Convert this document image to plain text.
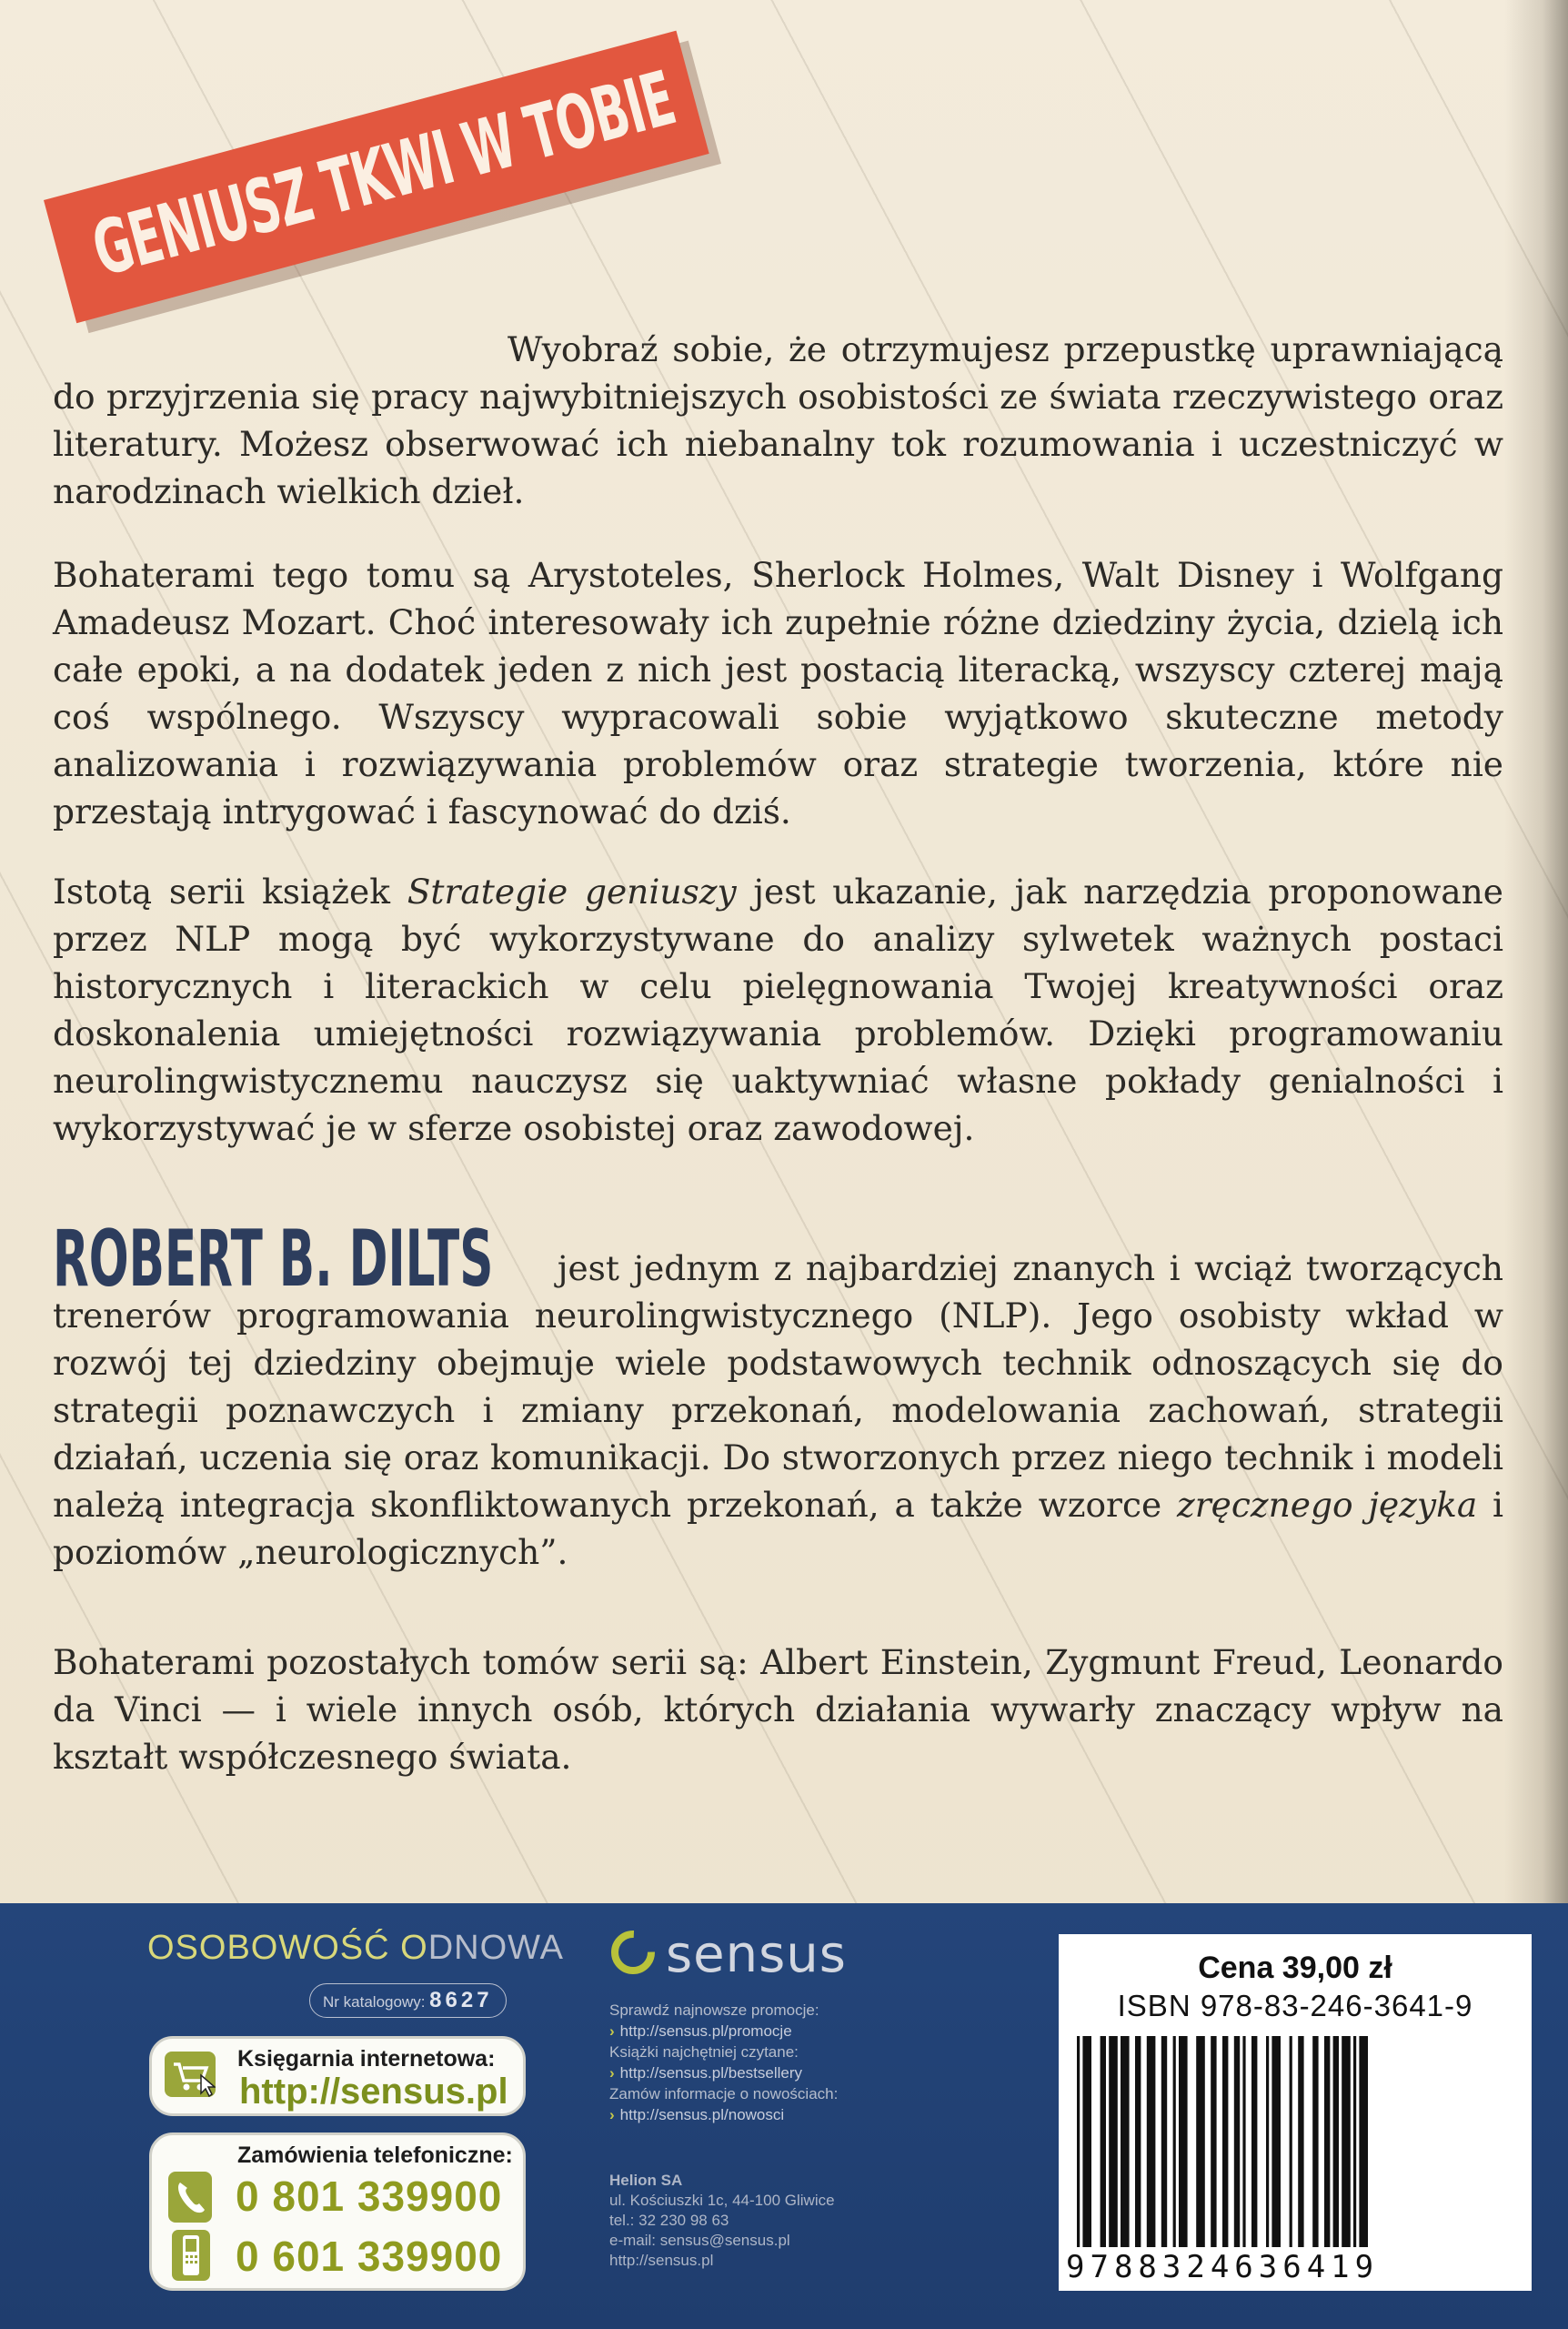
GENIUSZ TKWI W TOBIE
Wyobraź sobie, że otrzymujesz przepustkę uprawniającą do przyjrzenia się pracy najwybitniejszych osobistości ze świata rzeczywistego oraz literatury. Możesz obserwować ich niebanalny tok rozumowania i uczestniczyć w narodzinach wielkich dzieł.
Bohaterami tego tomu są Arystoteles, Sherlock Holmes, Walt Disney i Wolfgang Amadeusz Mozart. Choć interesowały ich zupełnie różne dziedziny życia, dzielą ich całe epoki, a na dodatek jeden z nich jest postacią literacką, wszyscy czterej mają coś wspólnego. Wszyscy wypracowali sobie wyjątkowo skuteczne metody analizowania i rozwiązywania problemów oraz strategie tworzenia, które nie przestają intrygować i fascynować do dziś.
Istotą serii książek Strategie geniuszy jest ukazanie, jak narzędzia proponowane przez NLP mogą być wykorzystywane do analizy sylwetek ważnych postaci historycznych i literackich w celu pielęgnowania Twojej kreatywności oraz doskonalenia umiejętności rozwiązywania problemów. Dzięki programowaniu neurolingwistycznemu nauczysz się uaktywniać własne pokłady genialności i wykorzystywać je w sferze osobistej oraz zawodowej.
ROBERT B. DILTS jest jednym z najbardziej znanych i wciąż tworzących trenerów programowania neurolingwistycznego (NLP). Jego osobisty wkład w rozwój tej dziedziny obejmuje wiele podstawowych technik odnoszących się do strategii poznawczych i zmiany przekonań, modelowania zachowań, strategii działań, uczenia się oraz komunikacji. Do stworzonych przez niego technik i modeli należą integracja skonfliktowanych przekonań, a także wzorce zręcznego języka i poziomów „neurologicznych”.
Bohaterami pozostałych tomów serii są: Albert Einstein, Zygmunt Freud, Leonardo da Vinci — i wiele innych osób, których działania wywarły znaczący wpływ na kształt współczesnego świata.
OSOBOWOŚĆ ODNOWA
Nr katalogowy: 8627
Księgarnia internetowa:
http://sensus.pl
Zamówienia telefoniczne:
0 801 339900
0 601 339900
sensus
Sprawdź najnowsze promocje:
› http://sensus.pl/promocje
Książki najchętniej czytane:
› http://sensus.pl/bestsellery
Zamów informacje o nowościach:
› http://sensus.pl/nowosci
Helion SA
ul. Kościuszki 1c, 44-100 Gliwice
tel.: 32 230 98 63
e-mail: sensus@sensus.pl
http://sensus.pl
Cena 39,00 zł
ISBN 978-83-246-3641-9
9788324636419
